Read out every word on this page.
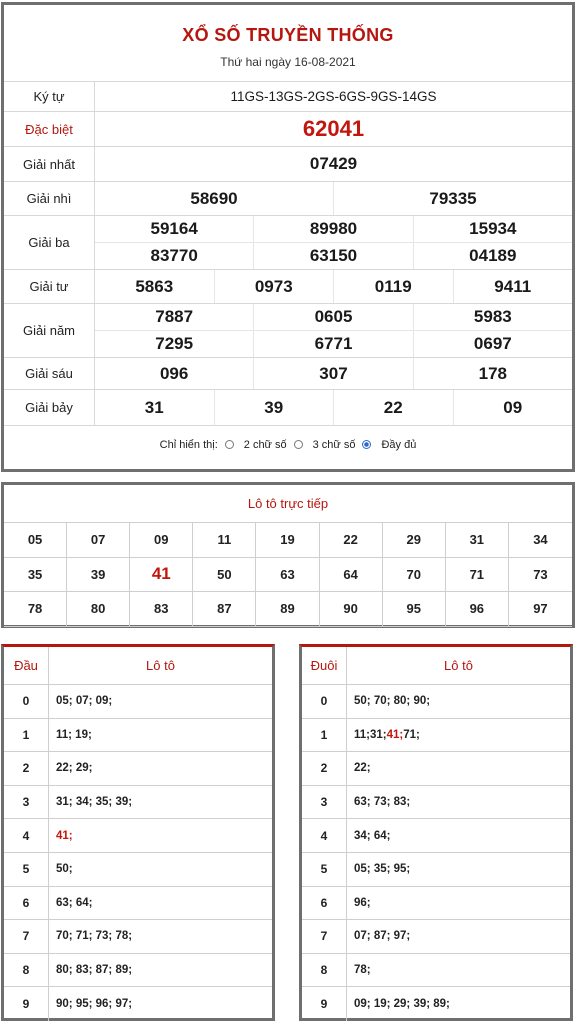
XỔ SỐ TRUYỀN THỐNG
Thứ hai ngày 16-08-2021
Ký tự	11GS-13GS-2GS-6GS-9GS-14GS
Đặc biệt	62041
Giải nhất	07429
Giải nhì	58690	79335
Giải ba
59164	89980	15934
83770	63150	04189
Giải tư	5863	0973	0119	9411
Giải năm
7887	0605	5983
7295	6771	0697
Giải sáu	096	307	178
Giải bảy	31	39	22	09
Chỉ hiển thị: 2 chữ số 3 chữ số Đầy đủ
Lô tô trực tiếp
05	07	09	11	19	22	29	31	34
35	39	41	50	63	64	70	71	73
78	80	83	87	89	90	95	96	97
Đầu	Lô tô
0	05; 07; 09;
1	11; 19;
2	22; 29;
3	31; 34; 35; 39;
4	41;
5	50;
6	63; 64;
7	70; 71; 73; 78;
8	80; 83; 87; 89;
9	90; 95; 96; 97;
Đuôi	Lô tô
0	50; 70; 80; 90;
1	11; 31; 41; 71;
2	22;
3	63; 73; 83;
4	34; 64;
5	05; 35; 95;
6	96;
7	07; 87; 97;
8	78;
9	09; 19; 29; 39; 89;
